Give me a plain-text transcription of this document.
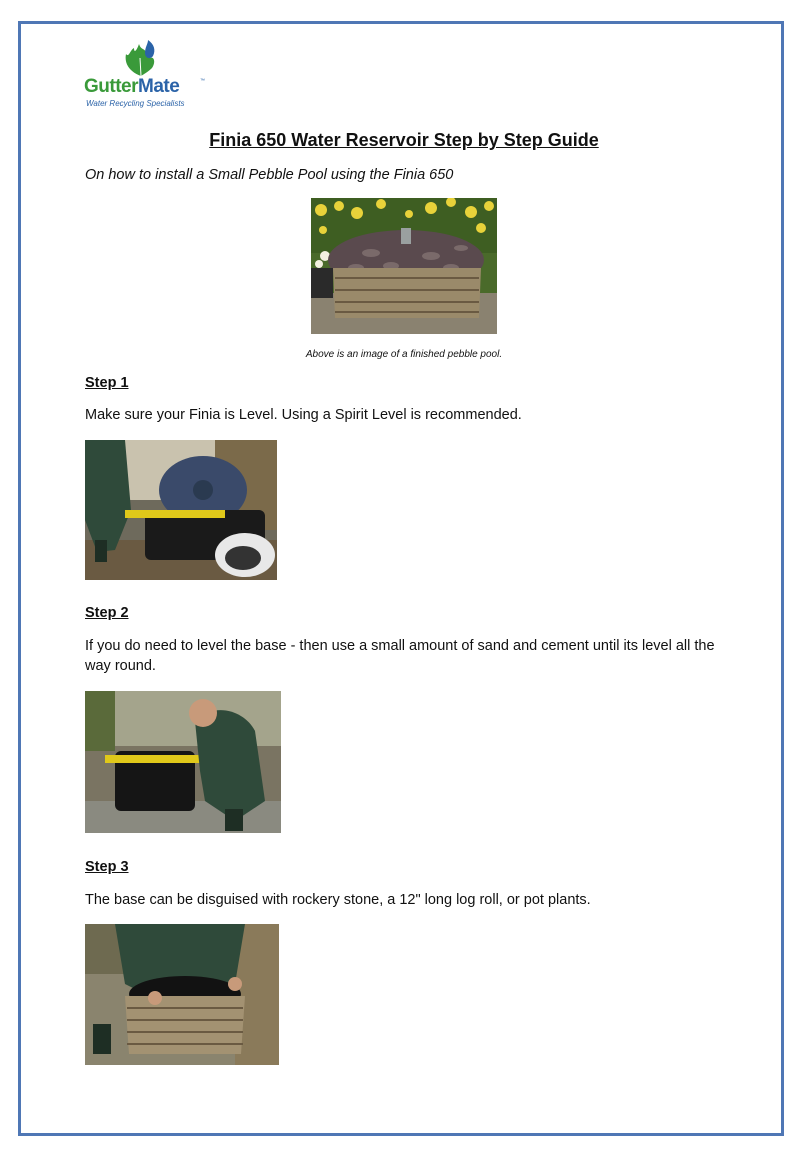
GutterMate	™
Water Recycling Specialists
Finia 650 Water Reservoir Step by Step Guide
On how to install a Small Pebble Pool using the Finia 650
Above is an image of a finished pebble pool.
Step 1
Make sure your Finia is Level. Using a Spirit Level is recommended.
Step 2
If you do need to level the base - then use a small amount of sand and cement until its level all the way round.
Step 3
The base can be disguised with rockery stone, a 12" long log roll, or pot plants.
